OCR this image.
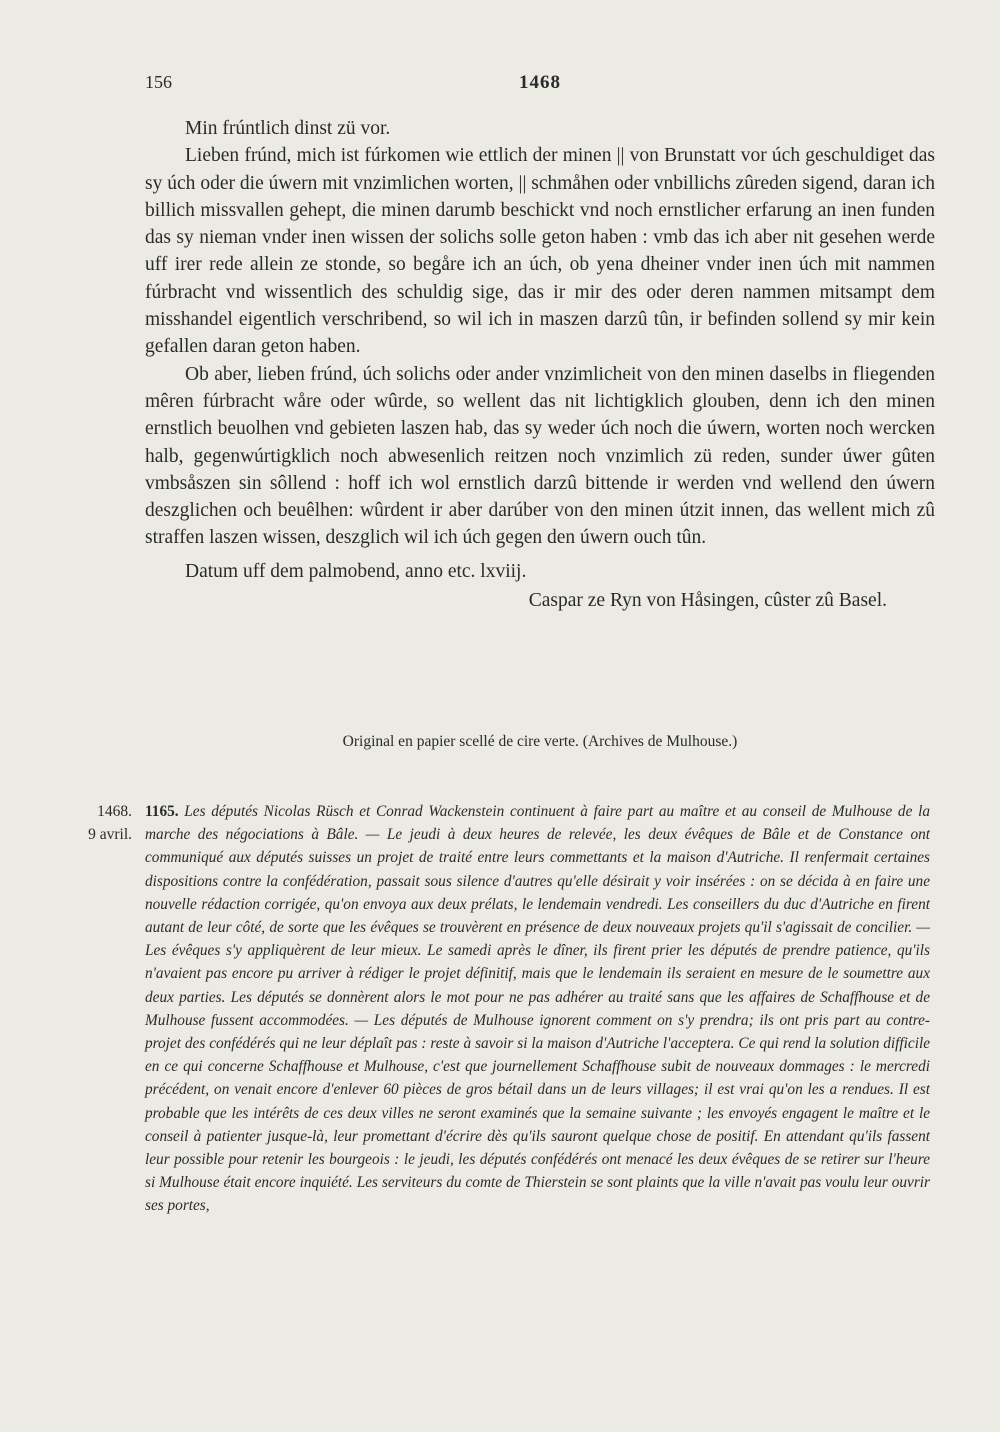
156	1468

Min frúntlich dinst zü vor.

Lieben frúnd, mich ist fúrkomen wie ettlich der minen || von Brunstatt vor úch geschuldiget das sy úch oder die úwern mit vnzimlichen worten, || schmåhen oder vnbillichs zûreden sigend, daran ich billich missvallen gehept, die minen darumb beschickt vnd noch ernstlicher erfarung an inen funden das sy nieman vnder inen wissen der solichs solle geton haben : vmb das ich aber nit gesehen werde uff irer rede allein ze stonde, so begåre ich an úch, ob yena dheiner vnder inen úch mit nammen fúrbracht vnd wissentlich des schuldig sige, das ir mir des oder deren nammen mitsampt dem misshandel eigentlich verschribend, so wil ich in maszen darzû tûn, ir befinden sollend sy mir kein gefallen daran geton haben.

Ob aber, lieben frúnd, úch solichs oder ander vnzimlicheit von den minen daselbs in fliegenden mêren fúrbracht wåre oder wûrde, so wellent das nit lichtigklich glouben, denn ich den minen ernstlich beuolhen vnd gebieten laszen hab, das sy weder úch noch die úwern, worten noch wercken halb, gegenwúrtigklich noch abwesenlich reitzen noch vnzimlich zü reden, sunder úwer gûten vmbsåszen sin sôllend : hoff ich wol ernstlich darzû bittende ir werden vnd wellend den úwern deszglichen och beuêlhen: wûrdent ir aber darúber von den minen útzit innen, das wellent mich zû straffen laszen wissen, deszglich wil ich úch gegen den úwern ouch tûn.

Datum uff dem palmobend, anno etc. lxviij.

Caspar ze Ryn von Håsingen, cûster zû Basel.

Original en papier scellé de cire verte. (Archives de Mulhouse.)
1468.
9 avril.
1165. Les députés Nicolas Rüsch et Conrad Wackenstein continuent à faire part au maître et au conseil de Mulhouse de la marche des négociations à Bâle. — Le jeudi à deux heures de relevée, les deux évêques de Bâle et de Constance ont communiqué aux députés suisses un projet de traité entre leurs commettants et la maison d'Autriche. Il renfermait certaines dispositions contre la confédération, passait sous silence d'autres qu'elle désirait y voir insérées : on se décida à en faire une nouvelle rédaction corrigée, qu'on envoya aux deux prélats, le lendemain vendredi. Les conseillers du duc d'Autriche en firent autant de leur côté, de sorte que les évêques se trouvèrent en présence de deux nouveaux projets qu'il s'agissait de concilier. — Les évêques s'y appliquèrent de leur mieux. Le samedi après le dîner, ils firent prier les députés de prendre patience, qu'ils n'avaient pas encore pu arriver à rédiger le projet définitif, mais que le lendemain ils seraient en mesure de le soumettre aux deux parties. Les députés se donnèrent alors le mot pour ne pas adhérer au traité sans que les affaires de Schaffhouse et de Mulhouse fussent accommodées. — Les députés de Mulhouse ignorent comment on s'y prendra; ils ont pris part au contre-projet des confédérés qui ne leur déplaît pas : reste à savoir si la maison d'Autriche l'acceptera. Ce qui rend la solution difficile en ce qui concerne Schaffhouse et Mulhouse, c'est que journellement Schaffhouse subit de nouveaux dommages : le mercredi précédent, on venait encore d'enlever 60 pièces de gros bétail dans un de leurs villages; il est vrai qu'on les a rendues. Il est probable que les intérêts de ces deux villes ne seront examinés que la semaine suivante ; les envoyés engagent le maître et le conseil à patienter jusque-là, leur promettant d'écrire dès qu'ils sauront quelque chose de positif. En attendant qu'ils fassent leur possible pour retenir les bourgeois : le jeudi, les députés confédérés ont menacé les deux évêques de se retirer sur l'heure si Mulhouse était encore inquiété. Les serviteurs du comte de Thierstein se sont plaints que la ville n'avait pas voulu leur ouvrir ses portes,
